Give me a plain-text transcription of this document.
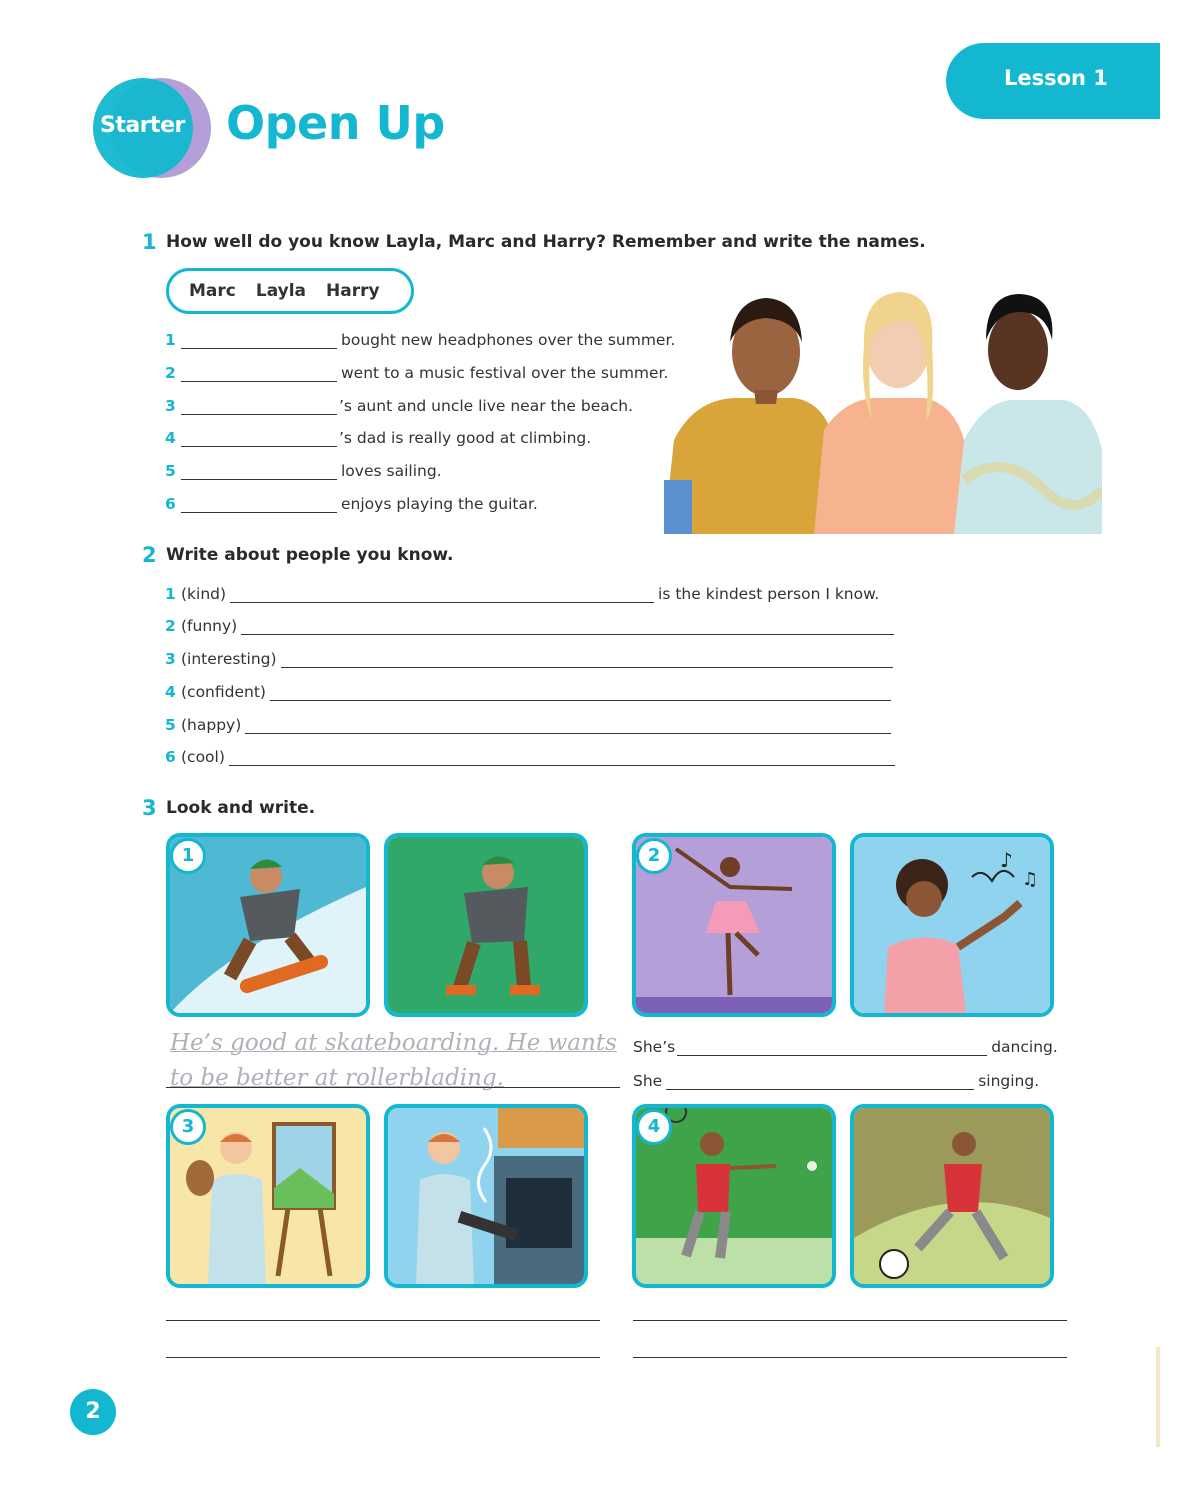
Lesson 1
Starter Open Up
1 How well do you know Layla, Marc and Harry? Remember and write the names.
Marc Layla Harry
1	bought new headphones over the summer.
2	went to a music festival over the summer.
3	’s aunt and uncle live near the beach.
4	’s dad is really good at climbing.
5	loves sailing.
6	enjoys playing the guitar.
2 Write about people you know.
1 (kind)	is the kindest person I know.
2 (funny)
3 (interesting)
4 (confident)
5 (happy)
6 (cool)
3 Look and write.
1	2	♪
♫
He’s good at skateboarding. He wants
to be better at rollerblading.
She’s	dancing.
She	singing.
3	4
2
